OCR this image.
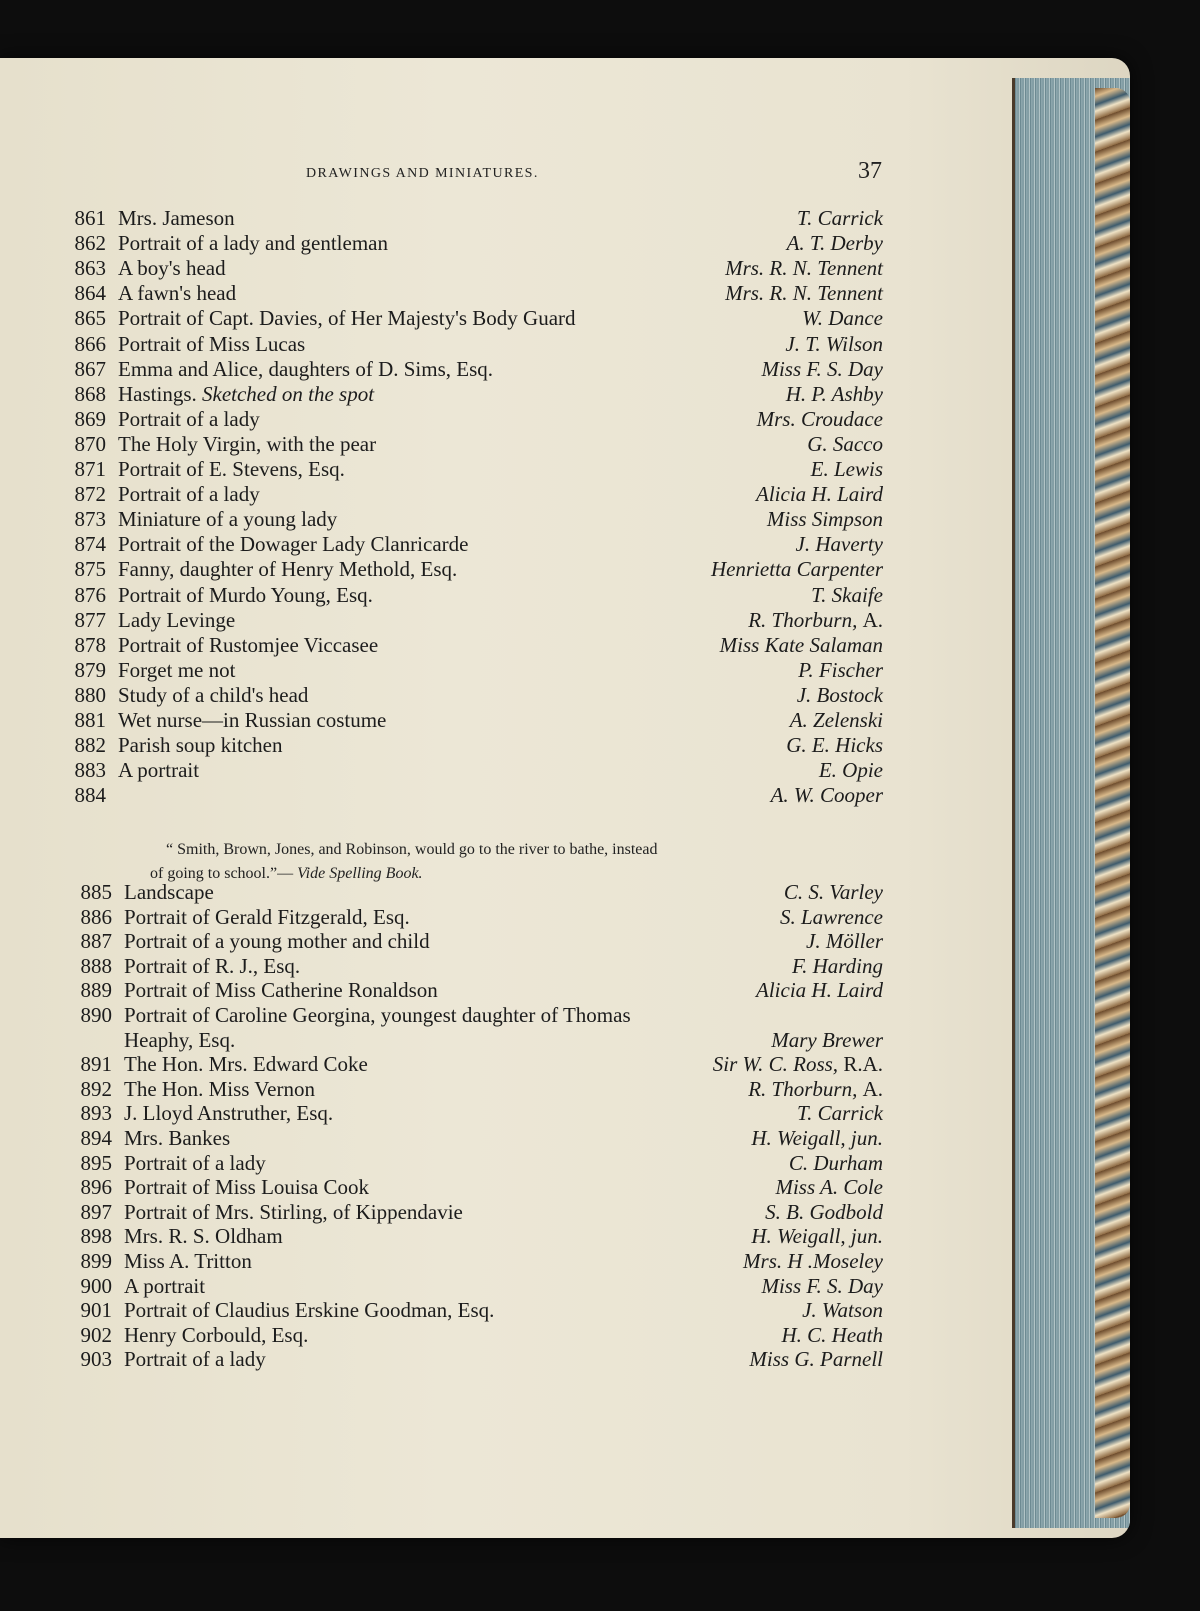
DRAWINGS AND MINIATURES.	37
861 Mrs. Jameson	T. Carrick
862 Portrait of a lady and gentleman	A. T. Derby
863 A boy's head	Mrs. R. N. Tennent
864 A fawn's head	Mrs. R. N. Tennent
865 Portrait of Capt. Davies, of Her Majesty's Body Guard	W. Dance
866 Portrait of Miss Lucas	J. T. Wilson
867 Emma and Alice, daughters of D. Sims, Esq.	Miss F. S. Day
868 Hastings. Sketched on the spot	H. P. Ashby
869 Portrait of a lady	Mrs. Croudace
870 The Holy Virgin, with the pear	G. Sacco
871 Portrait of E. Stevens, Esq.	E. Lewis
872 Portrait of a lady	Alicia H. Laird
873 Miniature of a young lady	Miss Simpson
874 Portrait of the Dowager Lady Clanricarde	J. Haverty
875 Fanny, daughter of Henry Methold, Esq.	Henrietta Carpenter
876 Portrait of Murdo Young, Esq.	T. Skaife
877 Lady Levinge	R. Thorburn, A.
878 Portrait of Rustomjee Viccasee	Miss Kate Salaman
879 Forget me not	P. Fischer
880 Study of a child's head	J. Bostock
881 Wet nurse—in Russian costume	A. Zelenski
882 Parish soup kitchen	G. E. Hicks
883 A portrait	E. Opie
884	A. W. Cooper
“ Smith, Brown, Jones, and Robinson, would go to the river to bathe, instead
of going to school.”— Vide Spelling Book.
885 Landscape	C. S. Varley
886 Portrait of Gerald Fitzgerald, Esq.	S. Lawrence
887 Portrait of a young mother and child	J. Möller
888 Portrait of R. J., Esq.	F. Harding
889 Portrait of Miss Catherine Ronaldson	Alicia H. Laird
890 Portrait of Caroline Georgina, youngest daughter of Thomas
Heaphy, Esq.	Mary Brewer
891 The Hon. Mrs. Edward Coke	Sir W. C. Ross, R.A.
892 The Hon. Miss Vernon	R. Thorburn, A.
893 J. Lloyd Anstruther, Esq.	T. Carrick
894 Mrs. Bankes	H. Weigall, jun.
895 Portrait of a lady	C. Durham
896 Portrait of Miss Louisa Cook	Miss A. Cole
897 Portrait of Mrs. Stirling, of Kippendavie	S. B. Godbold
898 Mrs. R. S. Oldham	H. Weigall, jun.
899 Miss A. Tritton	Mrs. H .Moseley
900 A portrait	Miss F. S. Day
901 Portrait of Claudius Erskine Goodman, Esq.	J. Watson
902 Henry Corbould, Esq.	H. C. Heath
903 Portrait of a lady	Miss G. Parnell
